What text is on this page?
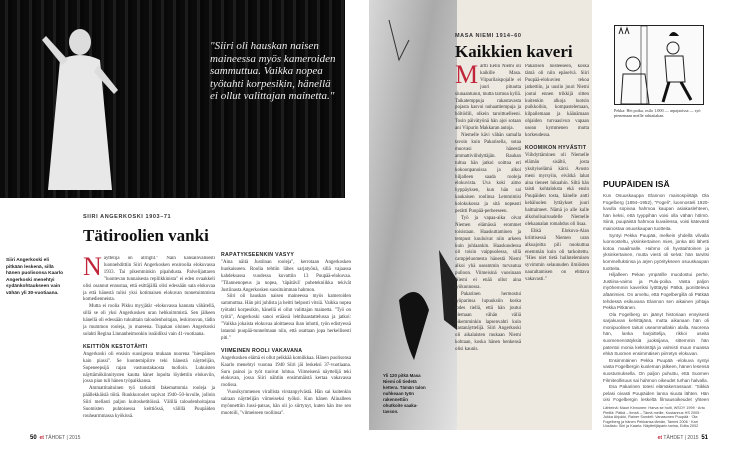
"Siiri oli hauskan naisen maineessa myös kameroiden sammuttua. Vaikka nopea työtahti korpesikin, hänellä ei ollut valittajan mainetta."
SIIRI ANGERKOSKI 1903–71
Tätiroolien vanki
Siiri Angerkoski eli pitkään leskenä, sillä hänen puolisonsa Kaarlo Angerkoski menehtyi sydänkohtaukseen vain vähän yli 30-vuotiaana.
N äyttelijä on allright." Näin kansainvälisesti luonnehdittiin Siiri Angerkosken ensirooliа elokuvassa 1933. Tai pikemminkin pipahdusta. Palvelijattaren "luontevan tunnaisesta repliikkinista" ei eden ovaakkeli olisi osannut ennustaa, että esittäjällä olisi edessään sata elokuvaa ja että hänestä tulisi yksi kotimaisen elokuvan tunnetuimmista komedienneista.

Mutta ei roolia Pikku myyjätär -elokuvassa kannata vähätellä, sillä se oli yksi Angerkosken uran hehkoimmistä. Sen jälkeen hänellä oli edessään tukuittain taloudenhoitajan, leskirouvan, tädin ja mummon rooleja, jo mareena. Tupakan oloinen Angerkoski solahti Regina Linnanheimonkin isoäidiksi vain 41-vuotiaana.

KEITTIÖN KESTOTÄHTI
Angerkoski oli ensisin suosigessa mukaan nuorena "hiespäinen kain piassi". Se luontemipiirre teki hänestä näyttelijän, Sopeneepsijä rajan vastuustakaosta tuolloin. Lukuisten näyttämökiinnitysten kautta hänet lopulta löydettiin elokuviin, jossa pian tuli hänen työpaikkansa.

Ammattitaitoinen työ tarkoitti fakemattomia rooleja ja päällekkäisiä töitä. Ruukkuroolet sopivat 1940–50-luvulle, jolloin Siiri mellasti paljon kuitosketitöissä. Välillä taloudenhoitajana Suomisten puhtoisessa keittiössä, välillä Puupäiden rouhearmmassa kyökissä.

RÄPÄTYKSEENKIN VÄSYY
"Aina näitä Justiinan rooleja", kerrotaan Angerkosken huokaisseen. Roolia tehtiin lähes sarjatyönä, sillä vajaassa kahdeksassa vuodessa kuvattiin 13 Puupää-elokuvaa. "Tilannenopeus ja nopea, 'täpätävä' puhetekniikka tekivät Justiinasta Angerkosken suosituimman hahmon.

Siiri oli hauskan naisen maineessa myös kameroiden sammuttua. Hän piti juhlista ja heitti helposti vitsiä. Vaikka nopea työtahti korpesikin, hänellä ei ollut valittajan mainetta. "Työ on työtä", Angerkoski sanoi eräässä lehtihaastattelussa ja jatkoi: "Vaikka jokaista elokuvaa aloittaessa ihan inhotti, työn edistyessä latautui puupää-tunnelmaan niin, että osattaan jopa herkellisesti piti."

VIIMEINEN ROOLI VAKAVANA
Angerkosken elämä ei ollut pelkkää komiikkaa. Hänen puolisonsa Kaarlo menehtyi vuonna 1940 Siiri jäi leskeksi 37-vuotiaana. Suru painoi ja työt tuoivat lohtua. Viimeisenä näyttelijä teki elokuvan, jossa Siiri nähtiin ensimmäistä kertaa vakavassa roolissa.

Vuosikymmenen virallista virstanpylvästä. Hän sai kuitenkin sairaan näyttelijän viimeiseksi työksi. Kun hänen Alinalleen myönnettiin Jussi-patsas, hän oli jo siirtynyt, kuten hän itse sen muotoili, "viimeiseen tooliinsa".

50 et TÄHDET | 2015
Yli 120 pitkä Masa Niemi oli tiedetä kettera. Tämän talon nuhkeaan työn rakennettiin ohutkoite saaka-tasson.
MASA NIEMI 1914–60
Kaikkien kaveri
M artti Eelin Niemi oli kaikille Masa. Viipurilaispojalle ei juuri pituutta siunaantunut, mutta tarmoa kyllä. Taikatemppuja rakastavasta pojasta kasvoi nuhaattiempuja ja höltödili, olkein taroittuelleeni. Tosin päivätyönä hän ajoi sotaan ani Viipurin Makkaran autoja.

Niemelle kävi vähän samalla tavoin kuin Pakarisella, sotaa muovasi hänestä ammattiviihdyttäjän. Rauhan tultua hän jatkoi soittoa eri kokoonpanoissa ja alkoi hiljalleen saada rooleja elokuvista. Uva koki aimo hyppäyksen, kun hän sai kaukaisen roolinsa Lemmimisi kolokukossa ja sitä nopeasti perätti Puupää-perheeseen.

Työ ja vapaa-aika olvat Niemen elämässä erommet toisistaan. Haaskuttaminen ja tempust kuuluivat niin arkeen kuin juhlaankin. Haaskuudessa oli toisin vaippuolessa, sillä campjeluomesta hänestä Niemi alkoi yhä useammin turvautua pulloon. Viimeisinä vuosinaan Niemi ei enää ollut aina työkunnossa.

Pakarinen hermostui työparinsa lupuuksiin koska todes tiellä, että hän joutui olemaan vähän väliä pikemminkin lapsenvahti kuin vastanäyttelijä. Siiri Angerkoski oli aikalaisten mukaan Niemi kohtaan, koska hänen henkensä olisi kaunis.

Pakarisen loisteeseen, koska tämä oli niin epäselvä. Siiri Puupää-elokuvien tekoa jatkettiin, ja uusiin juuri Niemi joutui ennen trikkijä sitten kuitenkin alkoja luotsin puikkoihin, kompastelemaan, kilpailemaan ja käänämaan ohjaiden turvaasivun vapaan usean kymmenen mutta korkeudessa.
KOOMIKON HYVÄSTIT
Viihdyttäminen oli Niemelle elämän sisältö, josta yksityiselämä kärsi. Avusto meni myrsyiin, eivätkä lahat aina tieneet lukuahin. Siltä hän taisti kohtaloksta ekä ensin Puupäiden tosta, hänelle antti kehäluolen lyttäykset juuri haittaimeet. Nämä jo alle kalle alkoholisairuudelle Niemelle olekaanalan romahdus oli lisaa.

Ehkä Elokuva-Alan kriittisessä Niemen uran alkuajoitta pili nuokuttua enemmän kuin oli tarkoitettu. "Hies niet tietä hullutelemisen syvimmin selaunuden ilmiösten nauraltamisen on ehttava vakavasti."

Pekka: Hei poika, osilo 1.000 — arpajaoissa — syö pienemaan meille rahtaitakan.
PUUPÄIDEN ISÄ
Kun Osuuskauppa Elannon mainospiirtäjä Ola Fogelberg (1894–1952), "Fogeli", luonnosteli 1920-luvulla sopivaa hahmoa kaupan asiakaslehteen, hän keksi, että tyyppihän voisi olla vähän hölmö. Siinä, puupäistä hahmoa kuvailessa, voisi kätevästi mainostaa osuuskaupan tuotteita.

Syntyi Pekka Puupää, melkein yhdellä vilvalla luonnosteltu, yksinkertainen mies, jonka äiti lähetti kotoa maailmalle. Hahmo oli hyvätahtoinen ja yksinkertainen, mutta viesti oli selvä: hän tarvitsi kommelluksinsa ja arjen pyöritykseen osuuskaupan tuotteita.

Hiljalleen Pekan ympärille muodostui perhe, Justiina-vaimo ja Pulu-poika. Vasta paljon myöhemmin kaveriksi lyöttäytyi Pätkä, juonitteleva afäärimies. On arveltu, että Fogelbergillä oli Pätkää tehdessä esikuvana Elannon sen aikainen johtaja Pekka Pitkänen.

Ola Fogelberg on jäänyt historiaan ensyisesti sarjakuvan kehittäjänä, mutta aikanaan hän oli monipuolinen taituri useammallakin alalla. Nuorena hän, lanka harjoittelija, rikkoi useita suomenennätyksiä juoksijana, sittemmin hän patentoi monia keksintöjä ja valmisti muun muassa ehkä Suomen ensimmäisen piirretyn elokuvan.

Ensimmäinen Pekka Puupää -elokuva syntyi vasta Fogelbergin kuoleman jälkeen, hänen lesensä suostumuksella. On paljon puhuttu, että Suomen Filmiteollisuus sai hahmon oikeudet turhan halvalla.

Esa Pakarinen totesi elämäkerrassaan: "Sikkiä pelasi oivasti Puupäiden lanna siuuta lähten. Hän oisi Fogelbergin leskeltä filmausoikeudet yhteen

Lähteinä: Mauri Kinnunen: Harva se hoiti, WSOY 1999 · Arto Pietilä: Pätkä – Ilmeä – Tämä meille, Kustannus HS 2005 · Jukka Ahjokki, Rainer Sundell: Vanasonen Puupää · Ola Fogelberg ja hänen Pekkansa tämän, Tammi 2006 · Kari Uusitalo: Siiri ja Kaarlo: Näyttelijäparin tarina, Edita 2002
et TÄHDET | 2015 51
